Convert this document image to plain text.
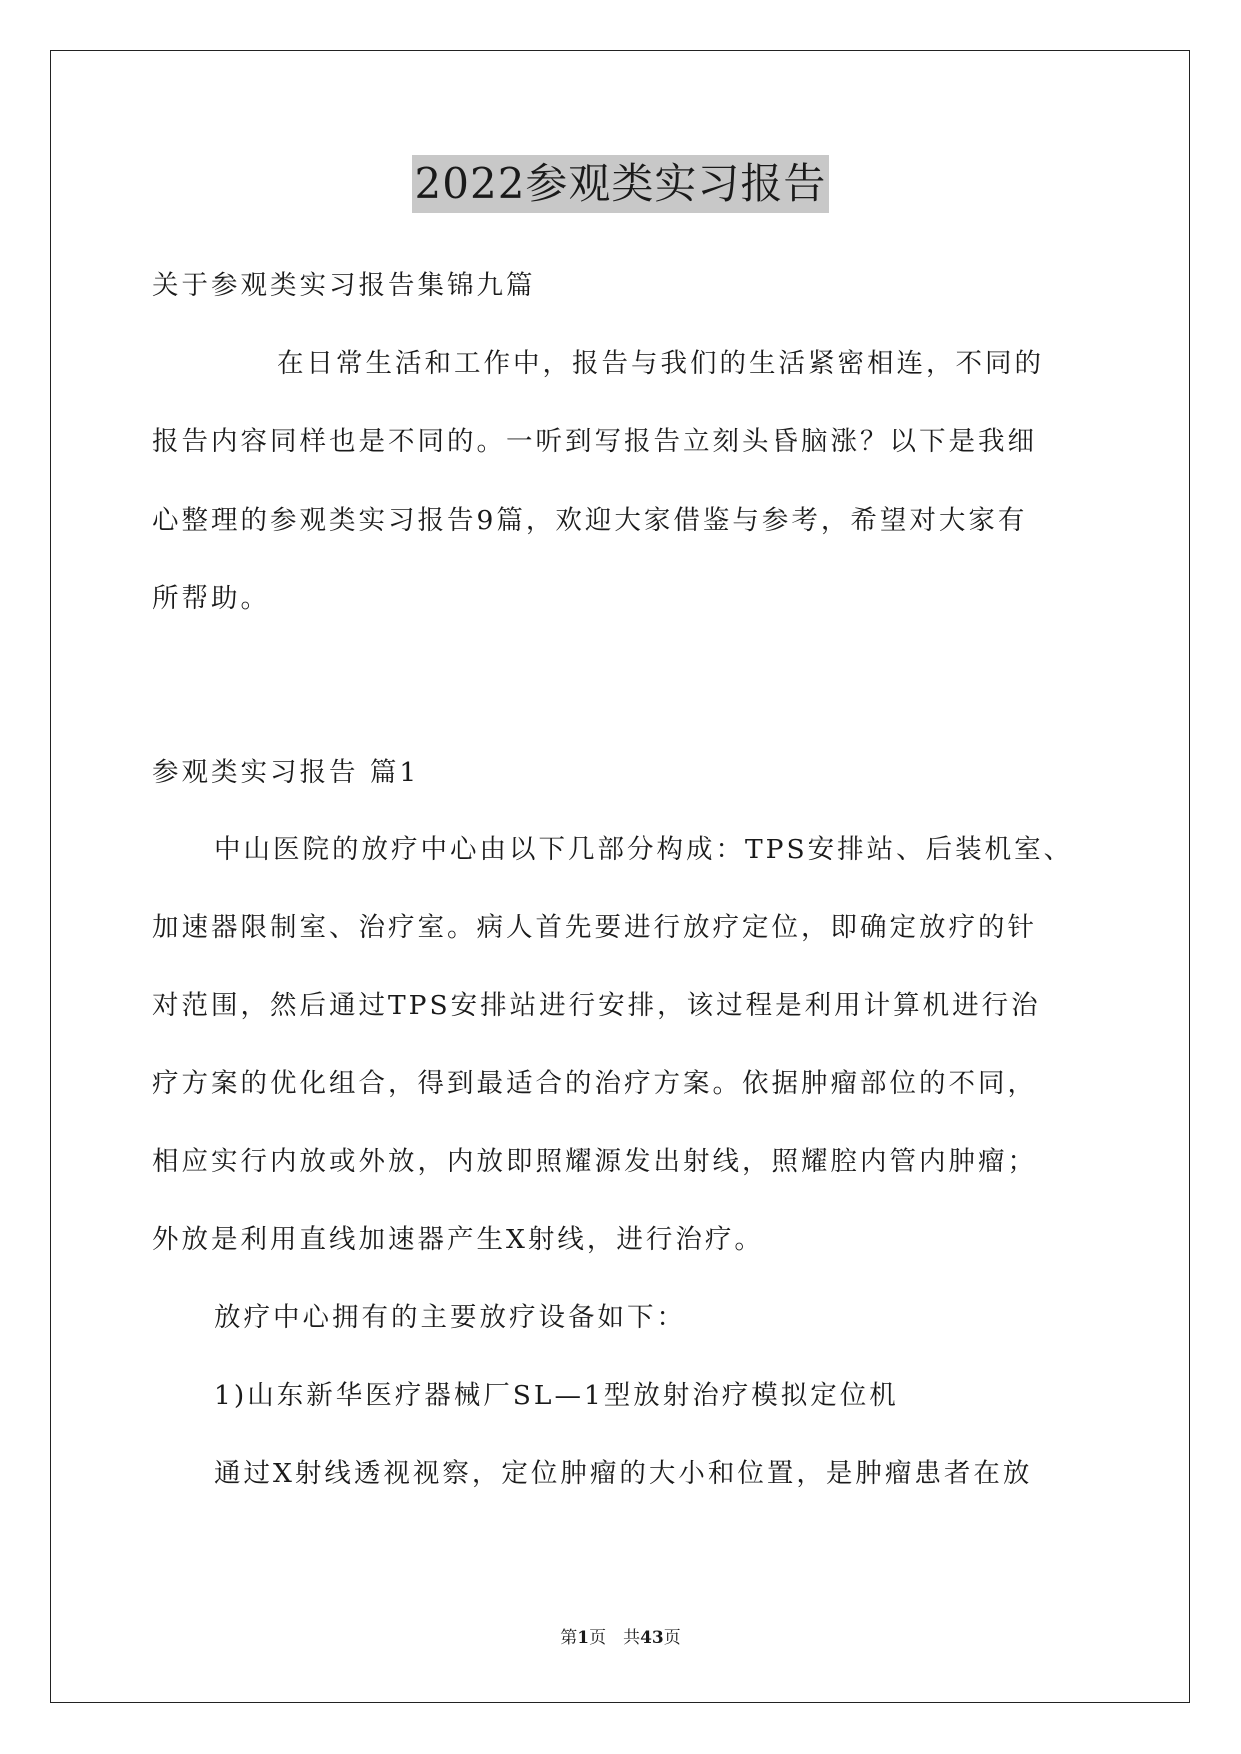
2022参观类实习报告
关于参观类实习报告集锦九篇
在日常生活和工作中，报告与我们的生活紧密相连，不同的
报告内容同样也是不同的。一听到写报告立刻头昏脑涨？以下是我细
心整理的参观类实习报告9篇，欢迎大家借鉴与参考，希望对大家有
所帮助。
参观类实习报告 篇1
中山医院的放疗中心由以下几部分构成：TPS安排站、后装机室、
加速器限制室、治疗室。病人首先要进行放疗定位，即确定放疗的针
对范围，然后通过TPS安排站进行安排，该过程是利用计算机进行治
疗方案的优化组合，得到最适合的治疗方案。依据肿瘤部位的不同，
相应实行内放或外放，内放即照耀源发出射线，照耀腔内管内肿瘤；
外放是利用直线加速器产生X射线，进行治疗。
放疗中心拥有的主要放疗设备如下：
1)山东新华医疗器械厂SL—1型放射治疗模拟定位机
通过X射线透视视察，定位肿瘤的大小和位置，是肿瘤患者在放
第1页　共43页
